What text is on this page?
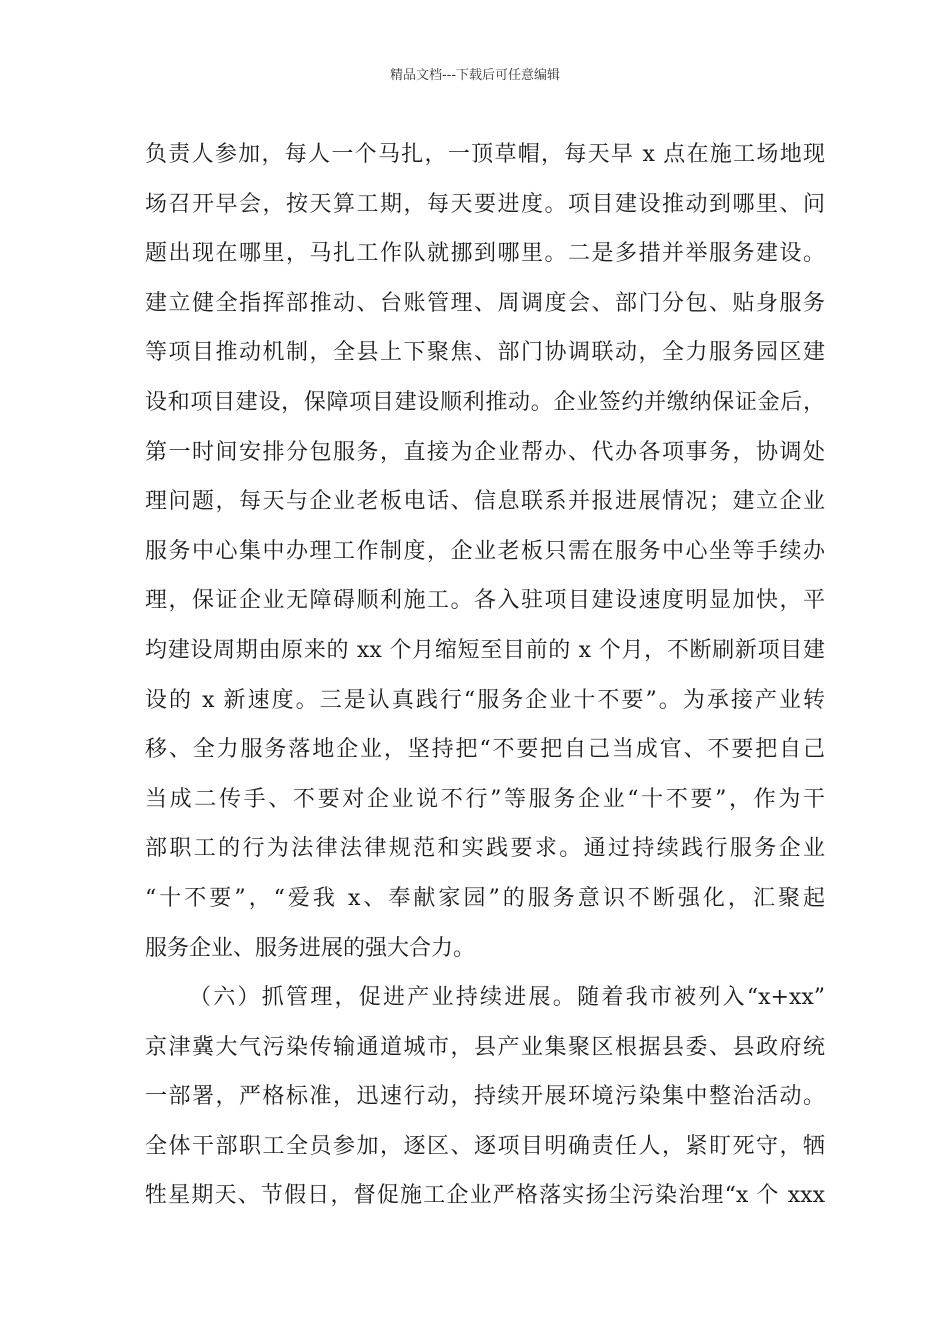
精品文档---下载后可任意编辑
负责人参加，每人一个马扎，一顶草帽，每天早 x 点在施工场地现
场召开早会，按天算工期，每天要进度。项目建设推动到哪里、问
题出现在哪里，马扎工作队就挪到哪里。二是多措并举服务建设。
建立健全指挥部推动、台账管理、周调度会、部门分包、贴身服务
等项目推动机制，全县上下聚焦、部门协调联动，全力服务园区建
设和项目建设，保障项目建设顺利推动。企业签约并缴纳保证金后，
第一时间安排分包服务，直接为企业帮办、代办各项事务，协调处
理问题，每天与企业老板电话、信息联系并报进展情况；建立企业
服务中心集中办理工作制度，企业老板只需在服务中心坐等手续办
理，保证企业无障碍顺利施工。各入驻项目建设速度明显加快，平
均建设周期由原来的 xx 个月缩短至目前的 x 个月，不断刷新项目建
设的 x 新速度。三是认真践行“服务企业十不要”。为承接产业转
移、全力服务落地企业，坚持把“不要把自己当成官、不要把自己
当成二传手、不要对企业说不行”等服务企业“十不要”，作为干
部职工的行为法律法律规范和实践要求。通过持续践行服务企业
“十不要”，“爱我 x、奉献家园”的服务意识不断强化，汇聚起
服务企业、服务进展的强大合力。
（六）抓管理，促进产业持续进展。随着我市被列入“x+xx”
京津冀大气污染传输通道城市，县产业集聚区根据县委、县政府统
一部署，严格标准，迅速行动，持续开展环境污染集中整治活动。
全体干部职工全员参加，逐区、逐项目明确责任人，紧盯死守，牺
牲星期天、节假日，督促施工企业严格落实扬尘污染治理“x 个 xxx
